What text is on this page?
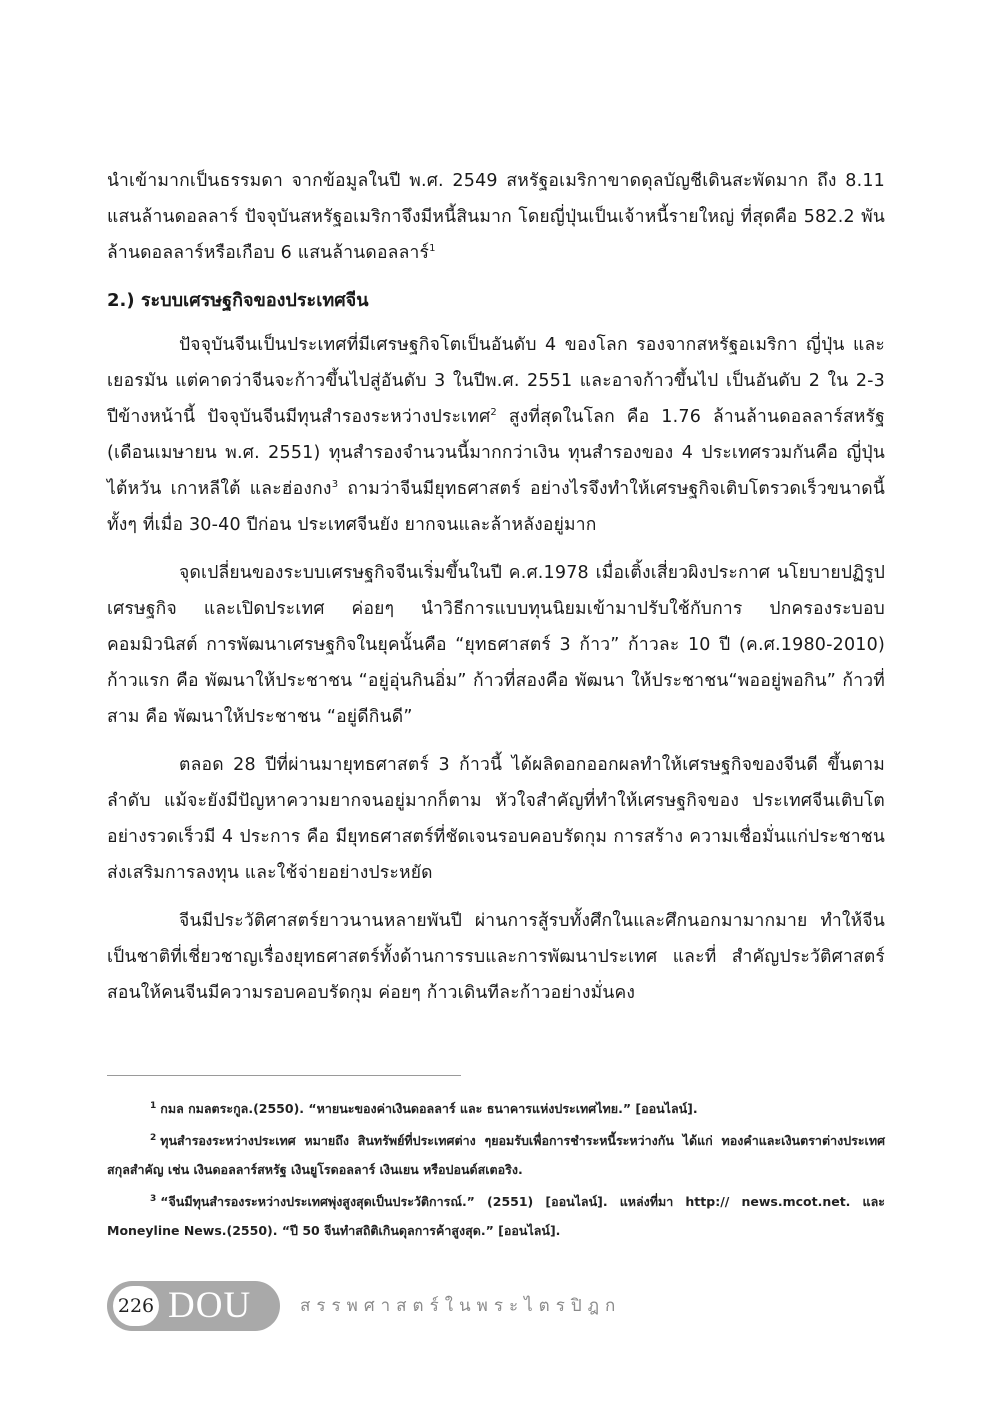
นำเข้ามากเป็นธรรมดา จากข้อมูลในปี พ.ศ. 2549 สหรัฐอเมริกาขาดดุลบัญชีเดินสะพัดมาก ถึง 8.11 แสนล้านดอลลาร์ ปัจจุบันสหรัฐอเมริกาจึงมีหนี้สินมาก โดยญี่ปุ่นเป็นเจ้าหนี้รายใหญ่ ที่สุดคือ 582.2 พันล้านดอลลาร์หรือเกือบ 6 แสนล้านดอลลาร์$^1$

2.) ระบบเศรษฐกิจของประเทศจีน

ปัจจุบันจีนเป็นประเทศที่มีเศรษฐกิจโตเป็นอันดับ 4 ของโลก รองจากสหรัฐอเมริกา ญี่ปุ่น และเยอรมัน แต่คาดว่าจีนจะก้าวขึ้นไปสู่อันดับ 3 ในปีพ.ศ. 2551 และอาจก้าวขึ้นไป เป็นอันดับ 2 ใน 2-3 ปีข้างหน้านี้ ปัจจุบันจีนมีทุนสำรองระหว่างประเทศ$^2$ สูงที่สุดในโลก คือ 1.76 ล้านล้านดอลลาร์สหรัฐ (เดือนเมษายน พ.ศ. 2551) ทุนสำรองจำนวนนี้มากกว่าเงิน ทุนสำรองของ 4 ประเทศรวมกันคือ ญี่ปุ่น ไต้หวัน เกาหลีใต้ และฮ่องกง$^3$ ถามว่าจีนมียุทธศาสตร์ อย่างไรจึงทำให้เศรษฐกิจเติบโตรวดเร็วขนาดนี้ทั้งๆ ที่เมื่อ 30-40 ปีก่อน ประเทศจีนยัง ยากจนและล้าหลังอยู่มาก

จุดเปลี่ยนของระบบเศรษฐกิจจีนเริ่มขึ้นในปี ค.ศ.1978 เมื่อเติ้งเสี่ยวผิงประกาศ นโยบายปฏิรูปเศรษฐกิจ และเปิดประเทศ ค่อยๆ นำวิธีการแบบทุนนิยมเข้ามาปรับใช้กับการ ปกครองระบอบคอมมิวนิสต์ การพัฒนาเศรษฐกิจในยุคนั้นคือ “ยุทธศาสตร์ 3 ก้าว” ก้าวละ 10 ปี (ค.ศ.1980-2010) ก้าวแรก คือ พัฒนาให้ประชาชน “อยู่อุ่นกินอิ่ม” ก้าวที่สองคือ พัฒนา ให้ประชาชน“พออยู่พอกิน” ก้าวที่สาม คือ พัฒนาให้ประชาชน “อยู่ดีกินดี”

ตลอด 28 ปีที่ผ่านมายุทธศาสตร์ 3 ก้าวนี้ ได้ผลิดอกออกผลทำให้เศรษฐกิจของจีนดี ขึ้นตามลำดับ แม้จะยังมีปัญหาความยากจนอยู่มากก็ตาม หัวใจสำคัญที่ทำให้เศรษฐกิจของ ประเทศจีนเติบโตอย่างรวดเร็วมี 4 ประการ คือ มียุทธศาสตร์ที่ชัดเจนรอบคอบรัดกุม การสร้าง ความเชื่อมั่นแก่ประชาชน ส่งเสริมการลงทุน และใช้จ่ายอย่างประหยัด

จีนมีประวัติศาสตร์ยาวนานหลายพันปี ผ่านการสู้รบทั้งศึกในและศึกนอกมามากมาย ทำให้จีนเป็นชาติที่เชี่ยวชาญเรื่องยุทธศาสตร์ทั้งด้านการรบและการพัฒนาประเทศ และที่ สำคัญประวัติศาสตร์สอนให้คนจีนมีความรอบคอบรัดกุม ค่อยๆ ก้าวเดินทีละก้าวอย่างมั่นคง

$^1$ กมล กมลตระกูล.(2550). “หายนะของค่าเงินดอลลาร์ และ ธนาคารแห่งประเทศไทย.” [ออนไลน์].
$^2$ ทุนสำรองระหว่างประเทศ หมายถึง สินทรัพย์ที่ประเทศต่าง ๆยอมรับเพื่อการชำระหนี้ระหว่างกัน ได้แก่ ทองคำและเงินตราต่างประเทศสกุลสำคัญ เช่น เงินดอลลาร์สหรัฐ เงินยูโรดอลลาร์ เงินเยน หรือปอนด์สเตอริง.
$^3$ “จีนมีทุนสำรองระหว่างประเทศพุ่งสูงสุดเป็นประวัติการณ์.” (2551) [ออนไลน์]. แหล่งที่มา http:// news.mcot.net. และ Moneyline News.(2550). “ปี 50 จีนทำสถิติเกินดุลการค้าสูงสุด.” [ออนไลน์].
226 DOU	สรรพศาสตร์ในพระไตรปิฎก
